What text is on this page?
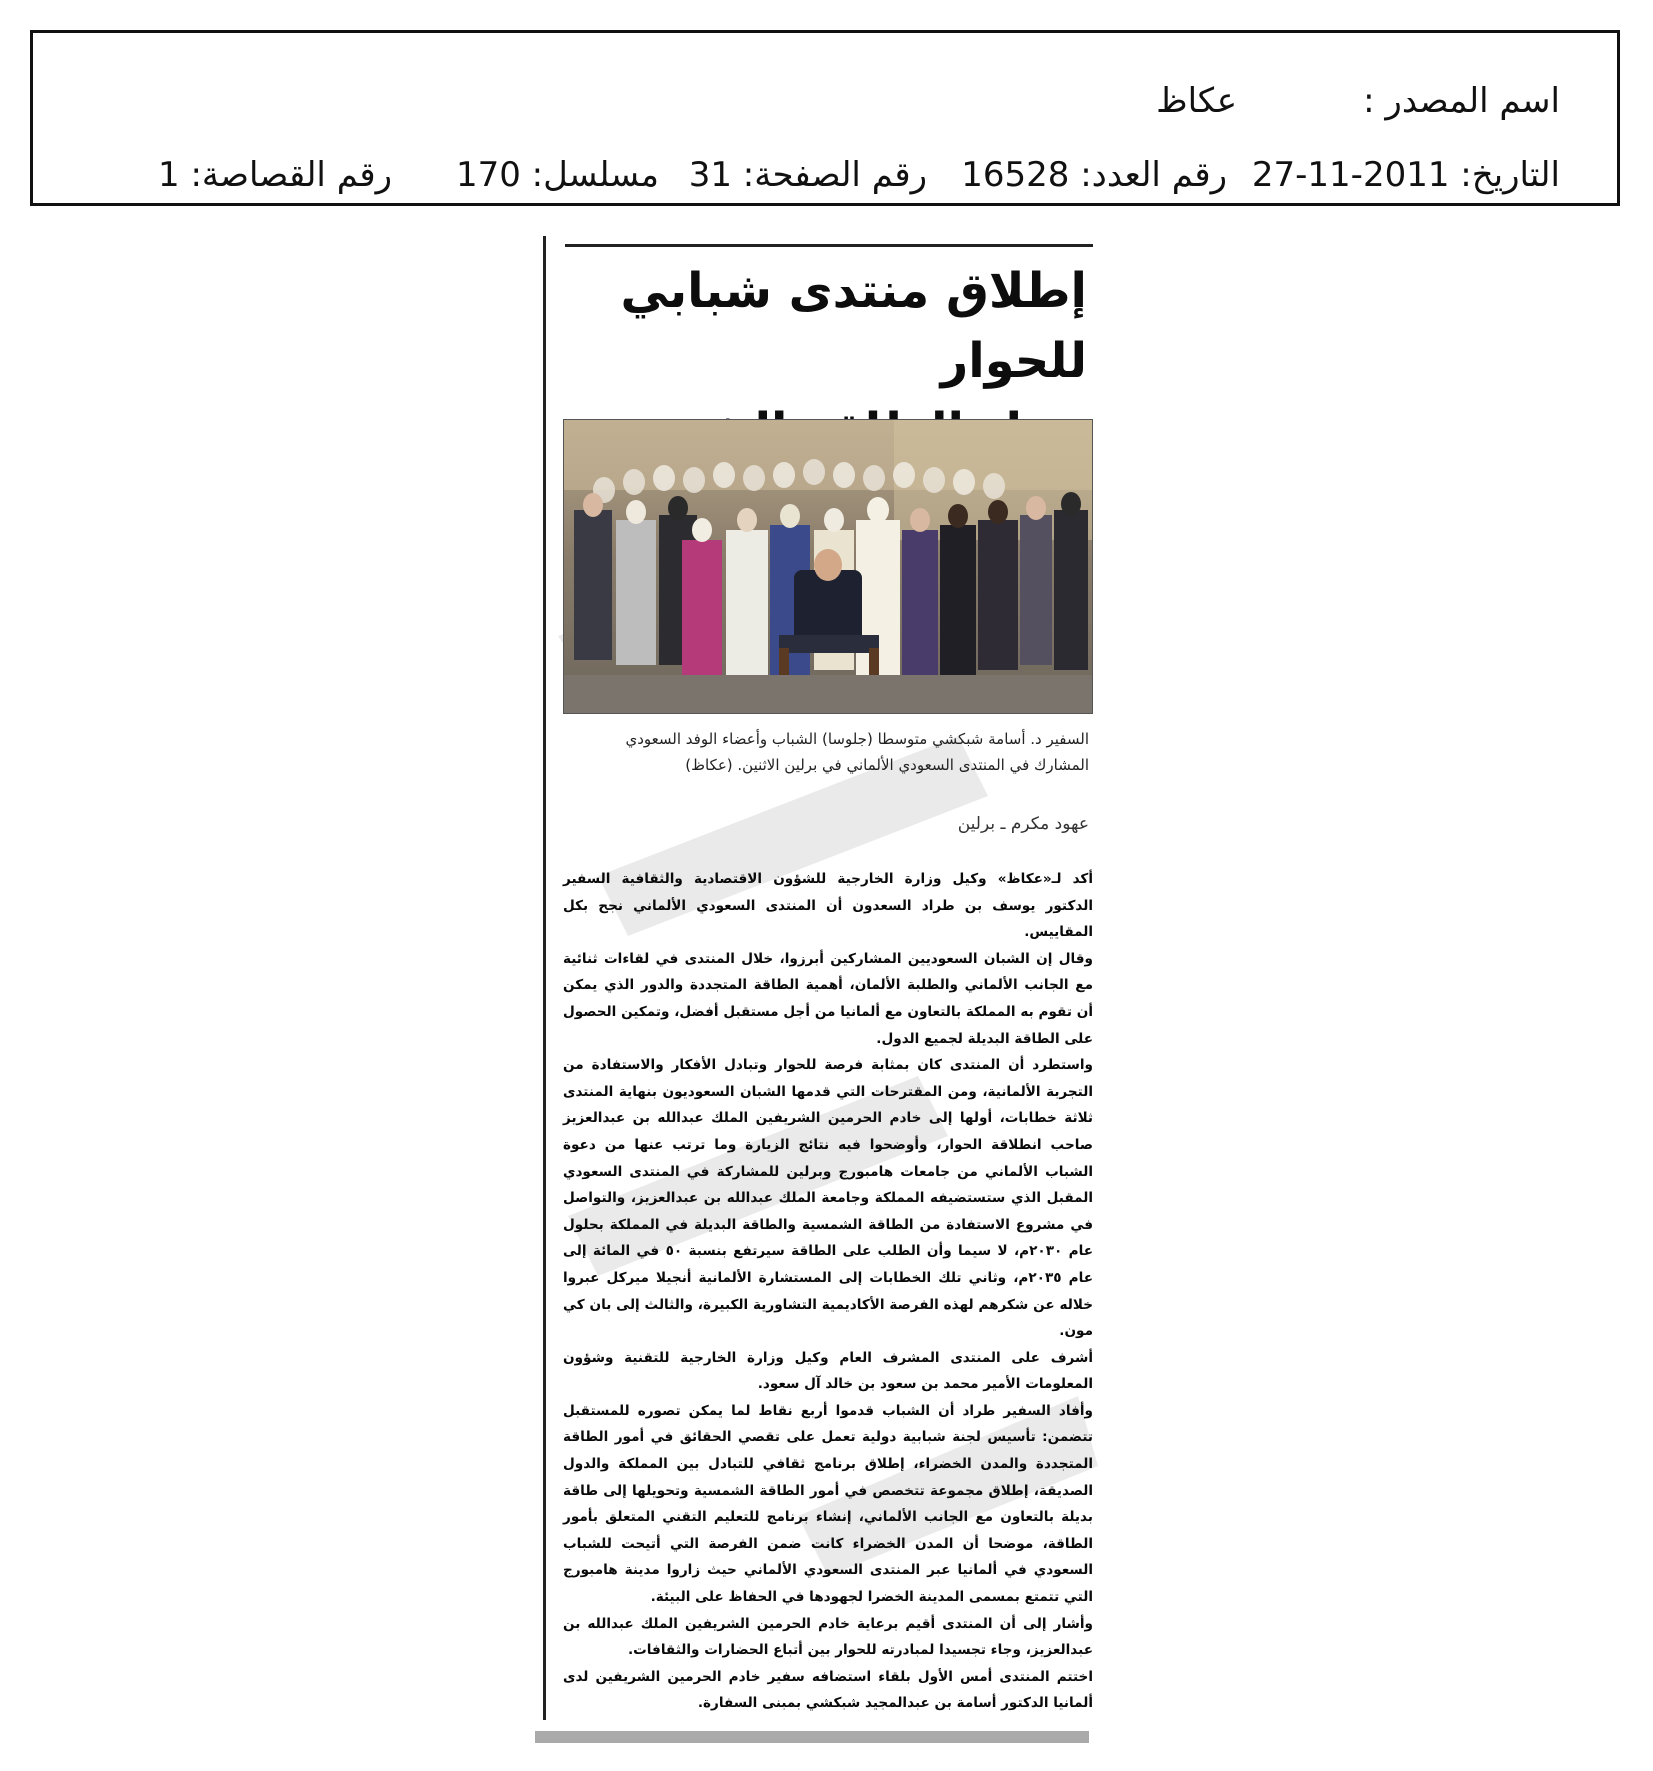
اسم المصدر :
عكاظ
التاريخ: 2011-11-27
رقم العدد: 16528
رقم الصفحة: 31
مسلسل: 170
رقم القصاصة: 1
إطلاق منتدى شبابي للحوار
السفير د. أسامة شبكشي متوسطا (جلوسا) الشباب وأعضاء الوفد السعودي
المشارك في المنتدى السعودي الألماني في برلين الاثنين. (عكاظ)
عهود مكرم ـ برلين

أكد لـ«عكاظ» وكيل وزارة الخارجية للشؤون الاقتصادية والثقافية السفير الدكتور يوسف بن طراد السعدون أن المنتدى السعودي الألماني نجح بكل المقاييس.

وقال إن الشبان السعوديين المشاركين أبرزوا، خلال المنتدى في لقاءات ثنائية مع الجانب الألماني والطلبة الألمان، أهمية الطاقة المتجددة والدور الذي يمكن أن تقوم به المملكة بالتعاون مع ألمانيا من أجل مستقبل أفضل، وتمكين الحصول على الطاقة البديلة لجميع الدول.

واستطرد أن المنتدى كان بمثابة فرصة للحوار وتبادل الأفكار والاستفادة من التجربة الألمانية، ومن المقترحات التي قدمها الشبان السعوديون بنهاية المنتدى ثلاثة خطابات، أولها إلى خادم الحرمين الشريفين الملك عبدالله بن عبدالعزيز صاحب انطلاقة الحوار، وأوضحوا فيه نتائج الزيارة وما ترتب عنها من دعوة الشباب الألماني من جامعات هامبورج وبرلين للمشاركة في المنتدى السعودي المقبل الذي ستستضيفه المملكة وجامعة الملك عبدالله بن عبدالعزيز، والتواصل في مشروع الاستفادة من الطاقة الشمسية والطاقة البديلة في المملكة بحلول عام ٢٠٣٠م، لا سيما وأن الطلب على الطاقة سيرتفع بنسبة ٥٠ في المائة إلى عام ٢٠٣٥م، وثاني تلك الخطابات إلى المستشارة الألمانية أنجيلا ميركل عبروا خلاله عن شكرهم لهذه الفرصة الأكاديمية التشاورية الكبيرة، والثالث إلى بان كي مون.

أشرف على المنتدى المشرف العام وكيل وزارة الخارجية للتقنية وشؤون المعلومات الأمير محمد بن سعود بن خالد آل سعود.

وأفاد السفير طراد أن الشباب قدموا أربع نقاط لما يمكن تصوره للمستقبل تتضمن: تأسيس لجنة شبابية دولية تعمل على تقصي الحقائق في أمور الطاقة المتجددة والمدن الخضراء، إطلاق برنامج ثقافي للتبادل بين المملكة والدول الصديقة، إطلاق مجموعة تتخصص في أمور الطاقة الشمسية وتحويلها إلى طاقة بديلة بالتعاون مع الجانب الألماني، إنشاء برنامج للتعليم التقني المتعلق بأمور الطاقة، موضحا أن المدن الخضراء كانت ضمن الفرصة التي أتيحت للشباب السعودي في ألمانيا عبر المنتدى السعودي الألماني حيث زاروا مدينة هامبورج التي تتمتع بمسمى المدينة الخضرا لجهودها في الحفاظ على البيئة.

وأشار إلى أن المنتدى أقيم برعاية خادم الحرمين الشريفين الملك عبدالله بن عبدالعزيز، وجاء تجسيدا لمبادرته للحوار بين أتباع الحضارات والثقافات.

اختتم المنتدى أمس الأول بلقاء استضافه سفير خادم الحرمين الشريفين لدى ألمانيا الدكتور أسامة بن عبدالمجيد شبكشي بمبنى السفارة.
